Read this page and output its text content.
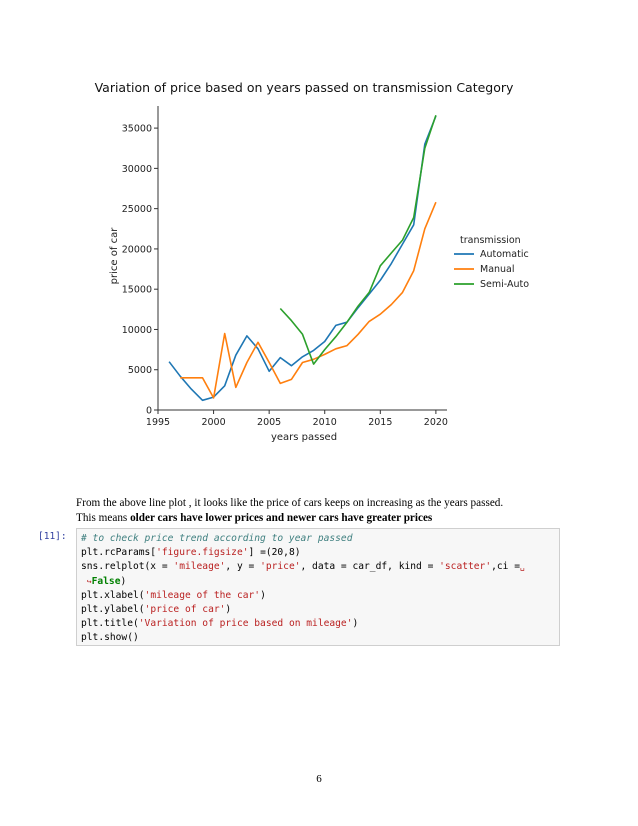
Variation of price based on years passed on transmission Category
0
5000
10000
15000
20000
25000
30000
35000
1995	2000	2005	2010	2015	2020
years passed
price of car	transmission
Automatic
Manual
Semi-Auto
From the above line plot , it looks like the price of cars keeps on increasing as the years passed.
This means older cars have lower prices and newer cars have greater prices
[11]: # to check price trend according to year passed
plt.rcParams['figure.figsize'] =(20,8)
sns.relplot(x = 'mileage', y = 'price', data = car_df, kind = 'scatter',ci =␣
↪False)
plt.xlabel('mileage of the car')
plt.ylabel('price of car')
plt.title('Variation of price based on mileage')
plt.show()
6
